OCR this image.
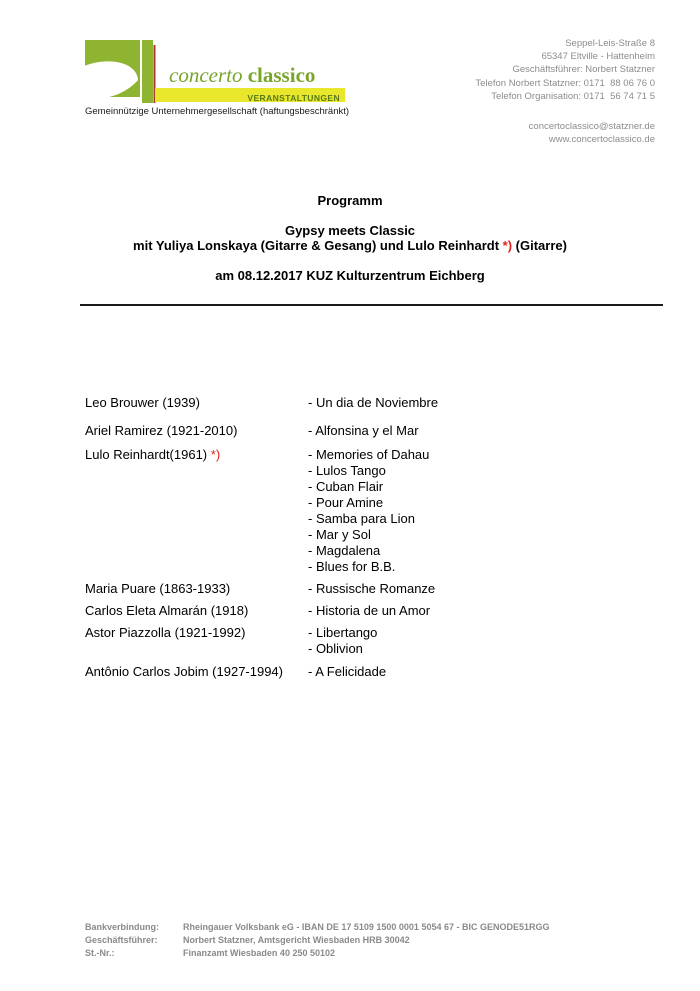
concerto classico
VERANSTALTUNGEN
Gemeinnützige Unternehmergesellschaft (haftungsbeschränkt)
Seppel-Leis-Straße 8
65347 Eltville - Hattenheim
Geschäftsführer: Norbert Statzner
Telefon Norbert Statzner: 0171  88 06 76 0
Telefon Organisation: 0171  56 74 71 5
concertoclassico@statzner.de
www.concertoclassico.de
Programm
Gypsy meets Classic
mit Yuliya Lonskaya (Gitarre & Gesang) und Lulo Reinhardt *) (Gitarre)
am 08.12.2017 KUZ Kulturzentrum Eichberg
Leo Brouwer (1939)	- Un dia de Noviembre
Ariel Ramirez (1921-2010)	- Alfonsina y el Mar
Lulo Reinhardt(1961) *)	- Memories of Dahau
- Lulos Tango
- Cuban Flair
- Pour Amine
- Samba para Lion
- Mar y Sol
- Magdalena
- Blues for B.B.
Maria Puare (1863-1933)	- Russische Romanze
Carlos Eleta Almarán (1918)	- Historia de un Amor
Astor Piazzolla (1921-1992)	- Libertango
- Oblivion
Antônio Carlos Jobim (1927-1994)	- A Felicidade
Bankverbindung:	Rheingauer Volksbank eG - IBAN DE 17 5109 1500 0001 5054 67 - BIC GENODE51RGG
Geschäftsführer:	Norbert Statzner, Amtsgericht Wiesbaden HRB 30042
St.-Nr.:	Finanzamt Wiesbaden 40 250 50102
